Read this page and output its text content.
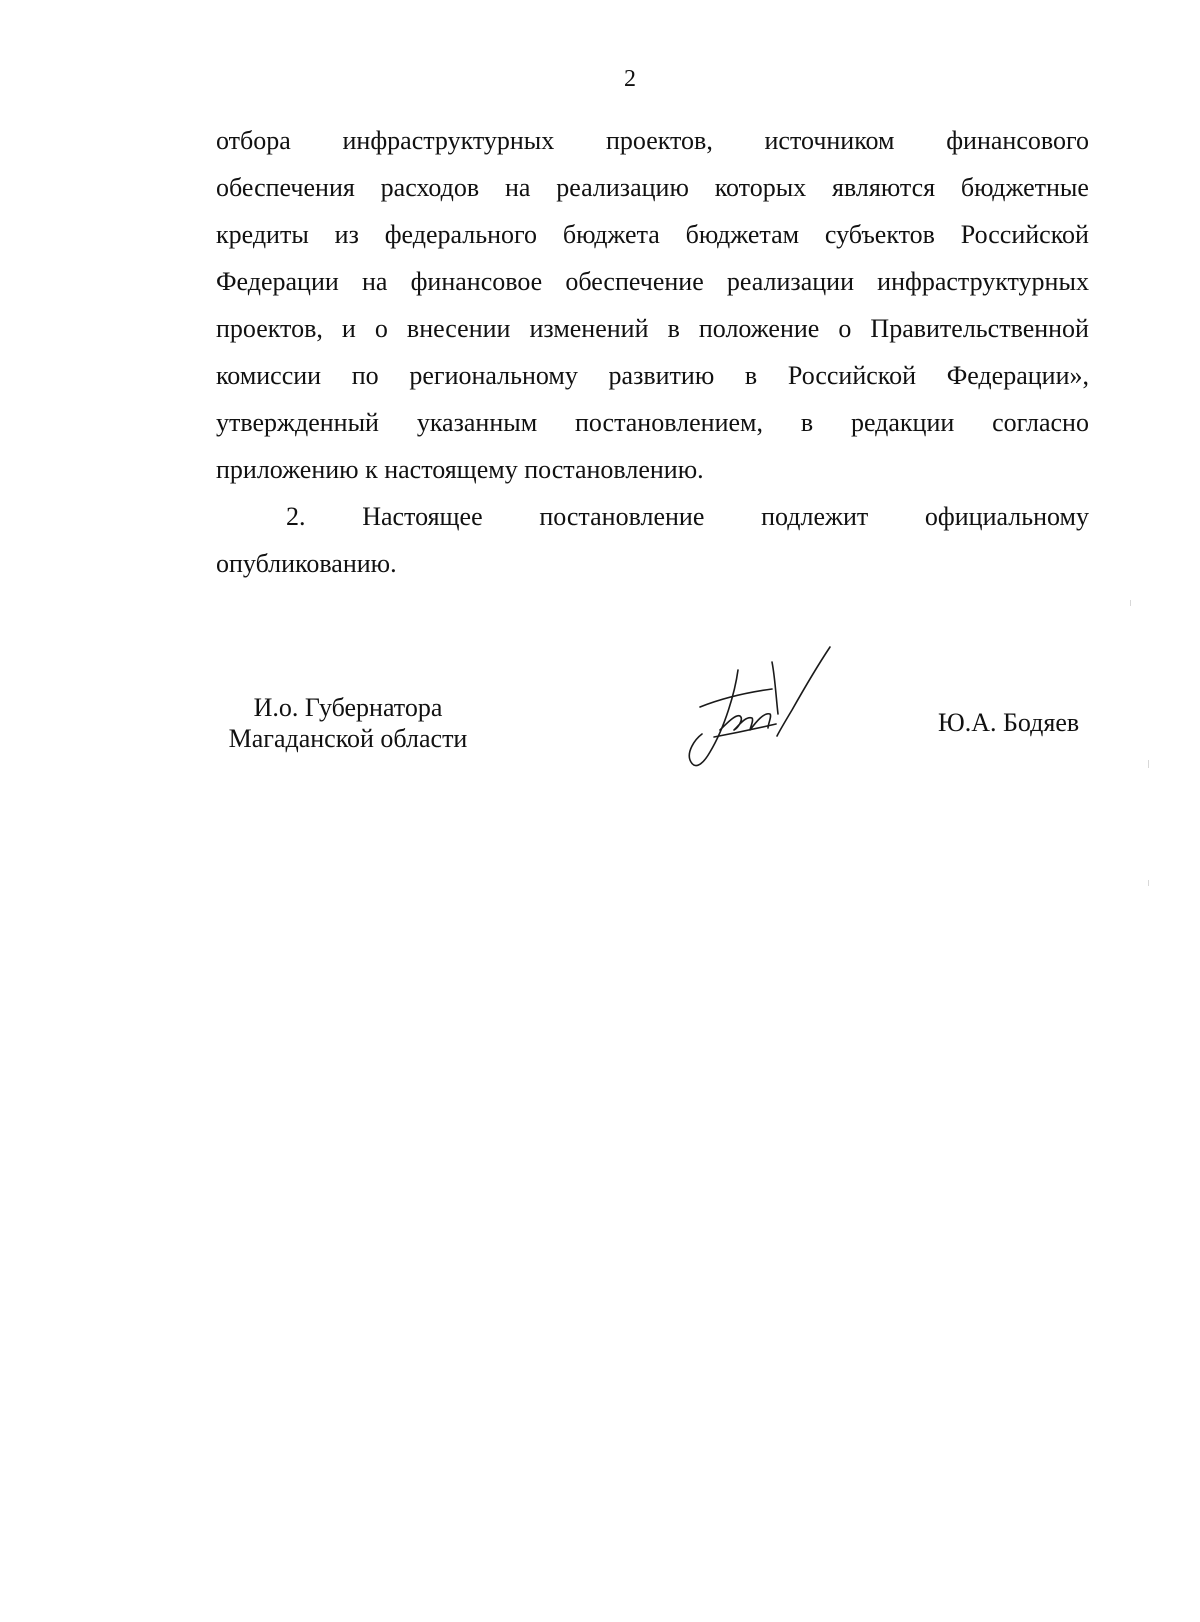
2
отбора инфраструктурных проектов, источником финансового
обеспечения расходов на реализацию которых являются бюджетные
кредиты из федерального бюджета бюджетам субъектов Российской
Федерации на финансовое обеспечение реализации инфраструктурных
проектов, и о внесении изменений в положение о Правительственной
комиссии по региональному развитию в Российской Федерации»,
утвержденный указанным постановлением, в редакции согласно
приложению к настоящему постановлению.
2. Настоящее постановление подлежит официальному
опубликованию.
И.о. Губернатора
Магаданской области
Ю.А. Бодяев
